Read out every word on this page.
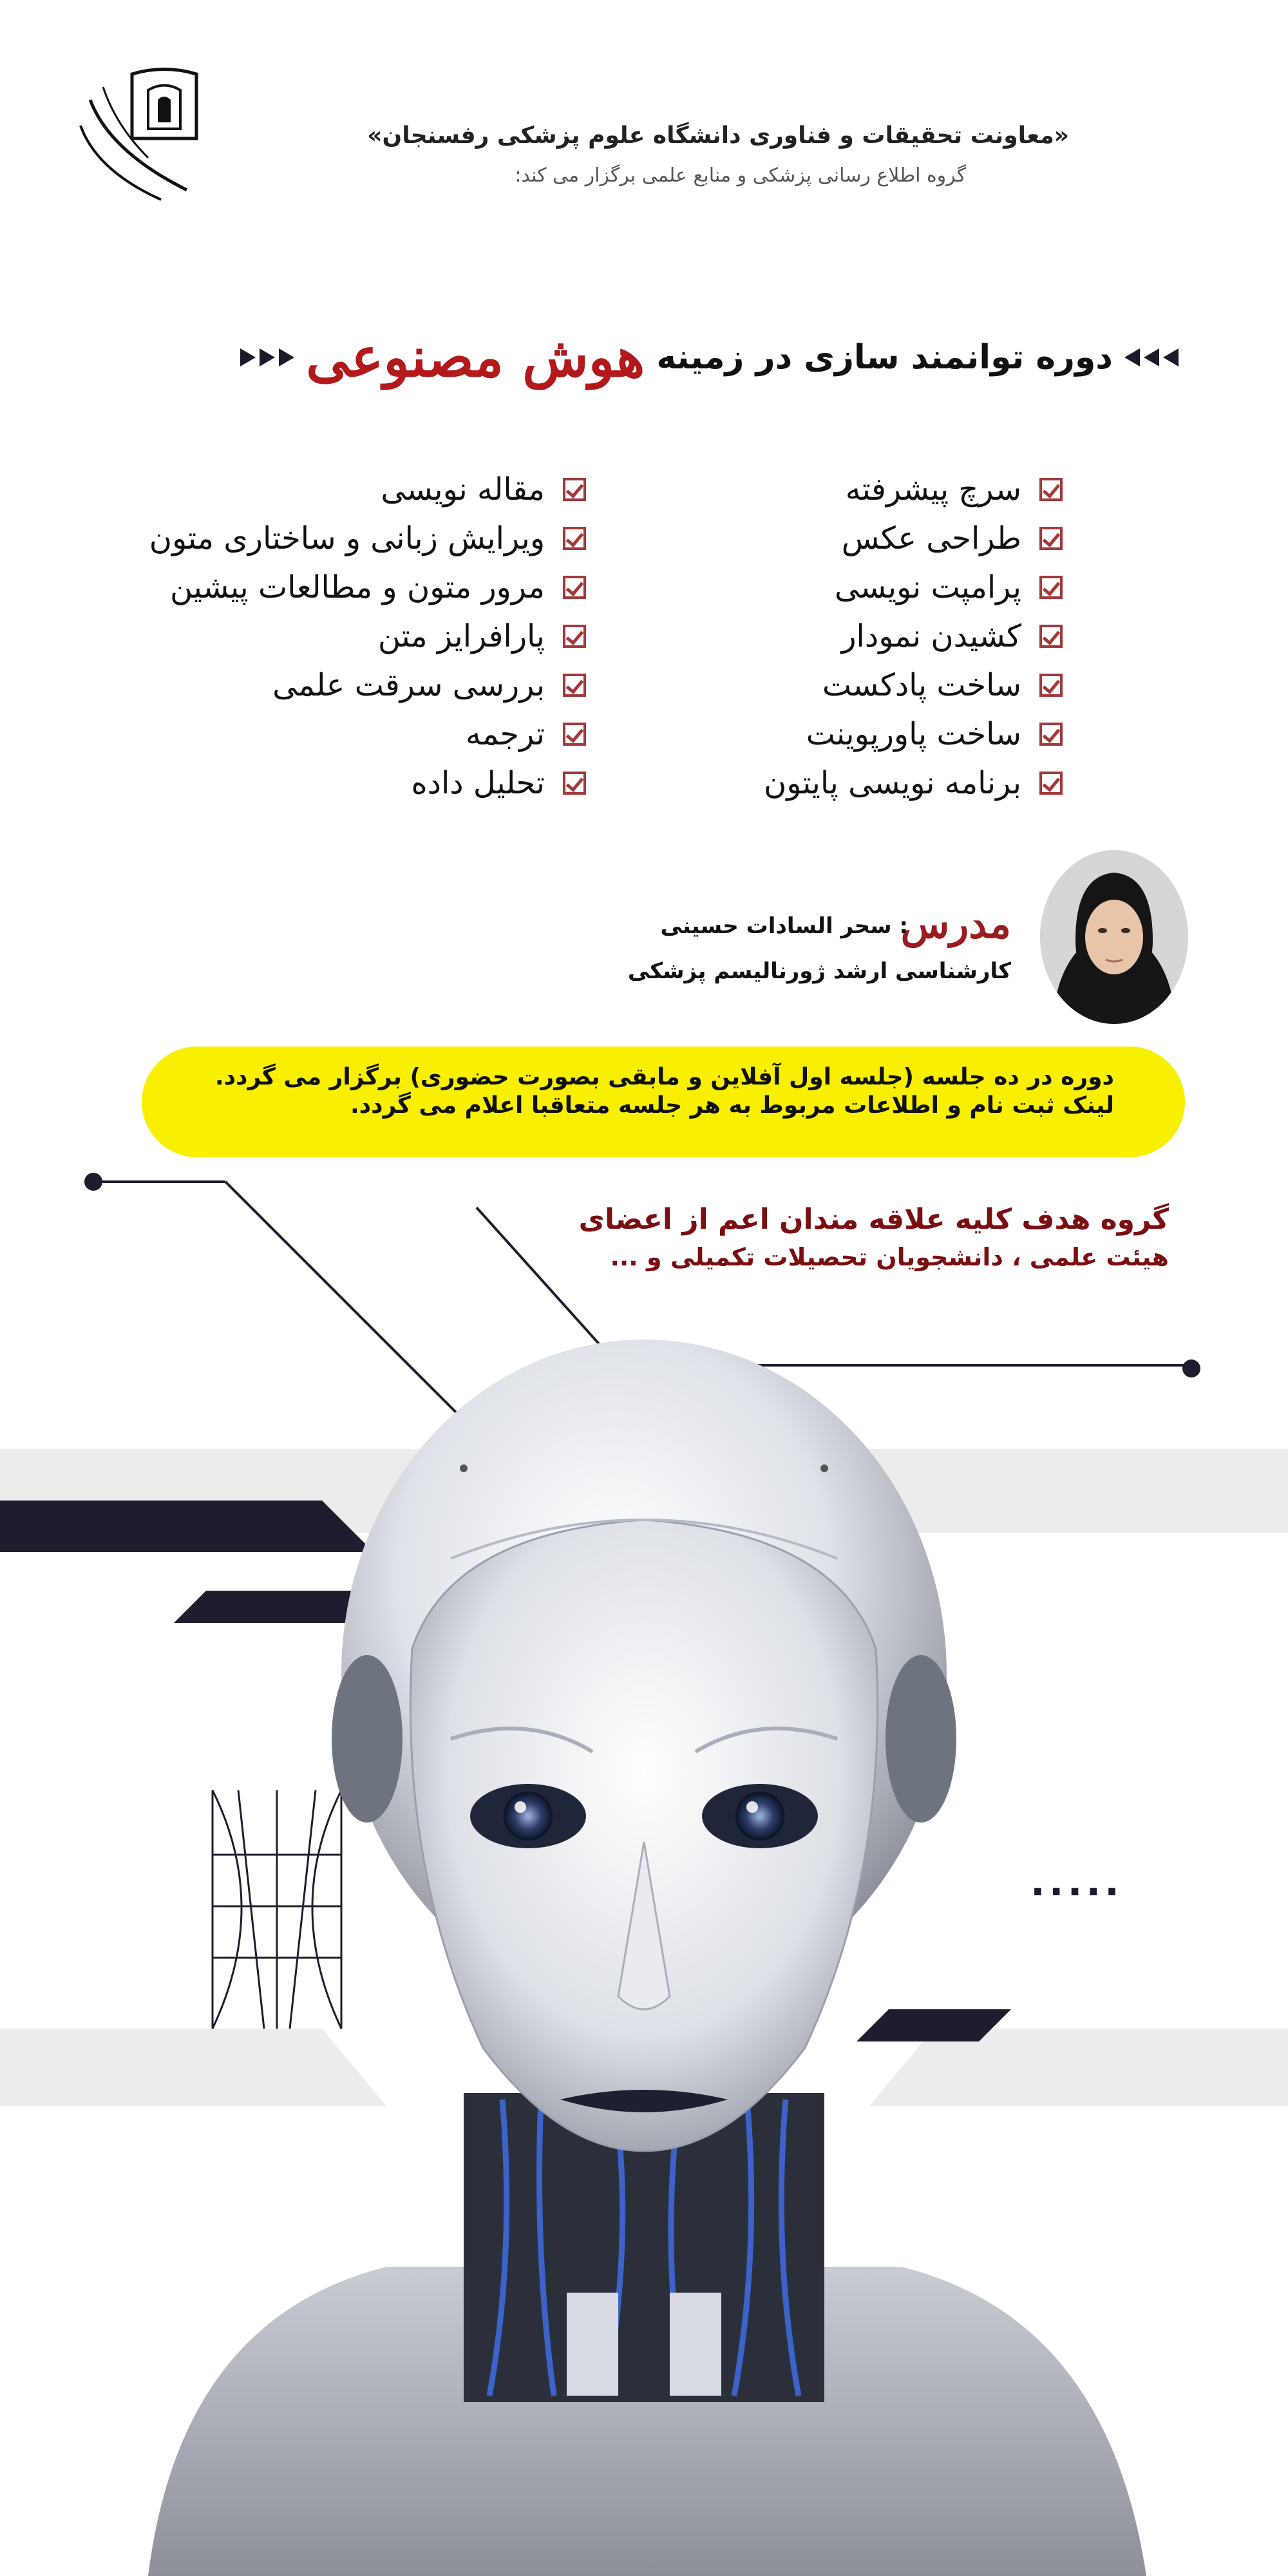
«معاونت تحقیقات و فناوری دانشگاه علوم پزشکی رفسنجان»
گروه اطلاع رسانی پزشکی و منابع علمی برگزار می کند:
دوره توانمند سازی در زمینه
هوش مصنوعی
سرچ پیشرفته
طراحی عکس
پرامپت نویسی
کشیدن نمودار
ساخت پادکست
ساخت پاورپوینت
برنامه نویسی پایتون
مقاله نویسی
ویرایش زبانی و ساختاری متون
مرور متون و مطالعات پیشین
پارافرایز متن
بررسی سرقت علمی
ترجمه
تحلیل داده
مدرس
: سحر السادات حسینی
کارشناسی ارشد ژورنالیسم پزشکی
دوره در ده جلسه (جلسه اول آفلاین و مابقی بصورت حضوری) برگزار می گردد.
لینک ثبت نام و اطلاعات مربوط به هر جلسه متعاقبا اعلام می گردد.
گروه هدف کلیه علاقه مندان اعم از اعضای
هیئت علمی ، دانشجویان تحصیلات تکمیلی و ...
.....
